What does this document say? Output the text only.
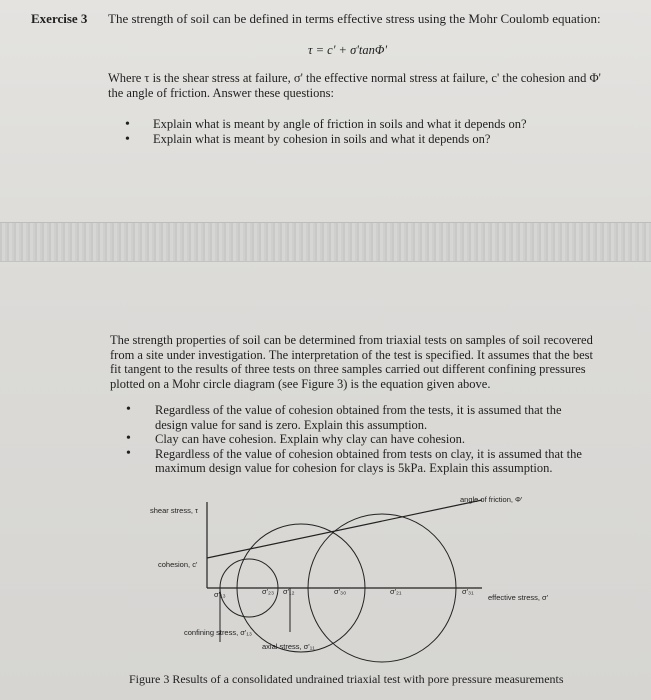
Exercise 3 The strength of soil can be defined in terms effective stress using the Mohr Coulomb equation:
τ = c' + σ'tanΦ'
Where τ is the shear stress at failure, σ' the effective normal stress at failure, c' the cohesion and Φ' the angle of friction. Answer these questions:
• Explain what is meant by angle of friction in soils and what it depends on?
• Explain what is meant by cohesion in soils and what it depends on?
The strength properties of soil can be determined from triaxial tests on samples of soil recovered from a site under investigation. The interpretation of the test is specified. It assumes that the best fit tangent to the results of three tests on three samples carried out different confining pressures plotted on a Mohr circle diagram (see Figure 3) is the equation given above.
• Regardless of the value of cohesion obtained from the tests, it is assumed that the design value for sand is zero. Explain this assumption.
• Clay can have cohesion. Explain why clay can have cohesion.
• Regardless of the value of cohesion obtained from tests on clay, it is assumed that the maximum design value for cohesion for clays is 5kPa. Explain this assumption.
shear stress, τ
cohesion, c'
angle of friction, Φ'
effective stress, σ'
confining stress, σ'₁₃
axial stress, σ'₁₁
σ'₁₃	σ'₂₃ σ'₁₂	σ'₃₀	σ'₂₁	σ'₃₁
Figure 3 Results of a consolidated undrained triaxial test with pore pressure measurements
